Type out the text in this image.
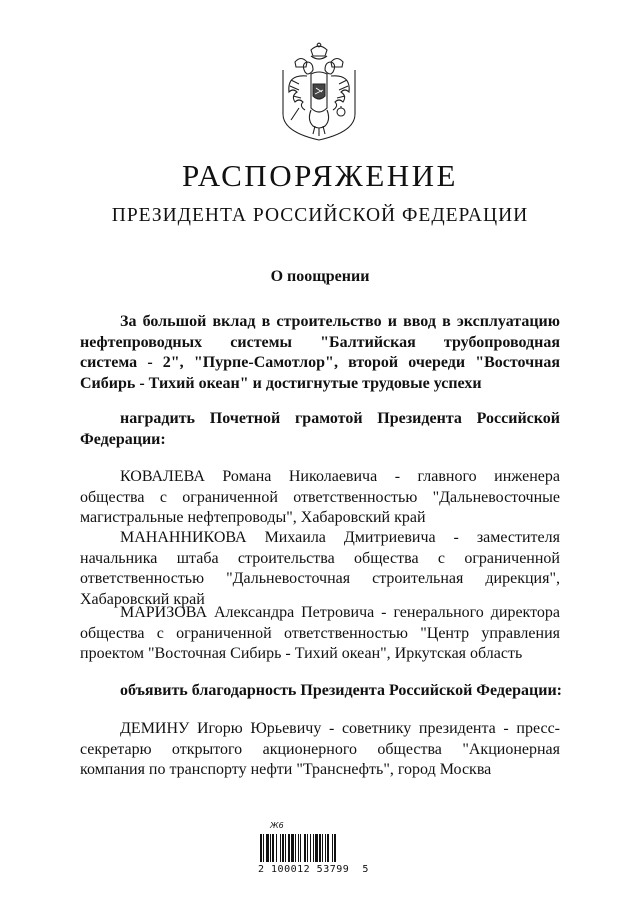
РАСПОРЯЖЕНИЕ
ПРЕЗИДЕНТА РОССИЙСКОЙ ФЕДЕРАЦИИ
О поощрении
За большой вклад в строительство и ввод в эксплуатацию
нефтепроводных системы "Балтийская трубопроводная
система - 2", "Пурпе-Самотлор", второй очереди "Восточная
Сибирь - Тихий океан" и достигнутые трудовые успехи
наградить Почетной грамотой Президента Российской
Федерации:
КОВАЛЕВА Романа Николаевича - главного инженера
общества с ограниченной ответственностью "Дальневосточные
магистральные нефтепроводы", Хабаровский край
МАНАННИКОВА Михаила Дмитриевича - заместителя
начальника штаба строительства общества с ограниченной
ответственностью "Дальневосточная строительная дирекция",
Хабаровский край
МАРИЗОВА Александра Петровича - генерального директора
общества с ограниченной ответственностью "Центр управления
проектом "Восточная Сибирь - Тихий океан", Иркутская область
объявить благодарность Президента Российской Федерации:
ДЕМИНУ Игорю Юрьевичу - советнику президента - пресс-
секретарю открытого акционерного общества "Акционерная
компания по транспорту нефти "Транснефть", город Москва
Ж6
2 100012 53799  5
